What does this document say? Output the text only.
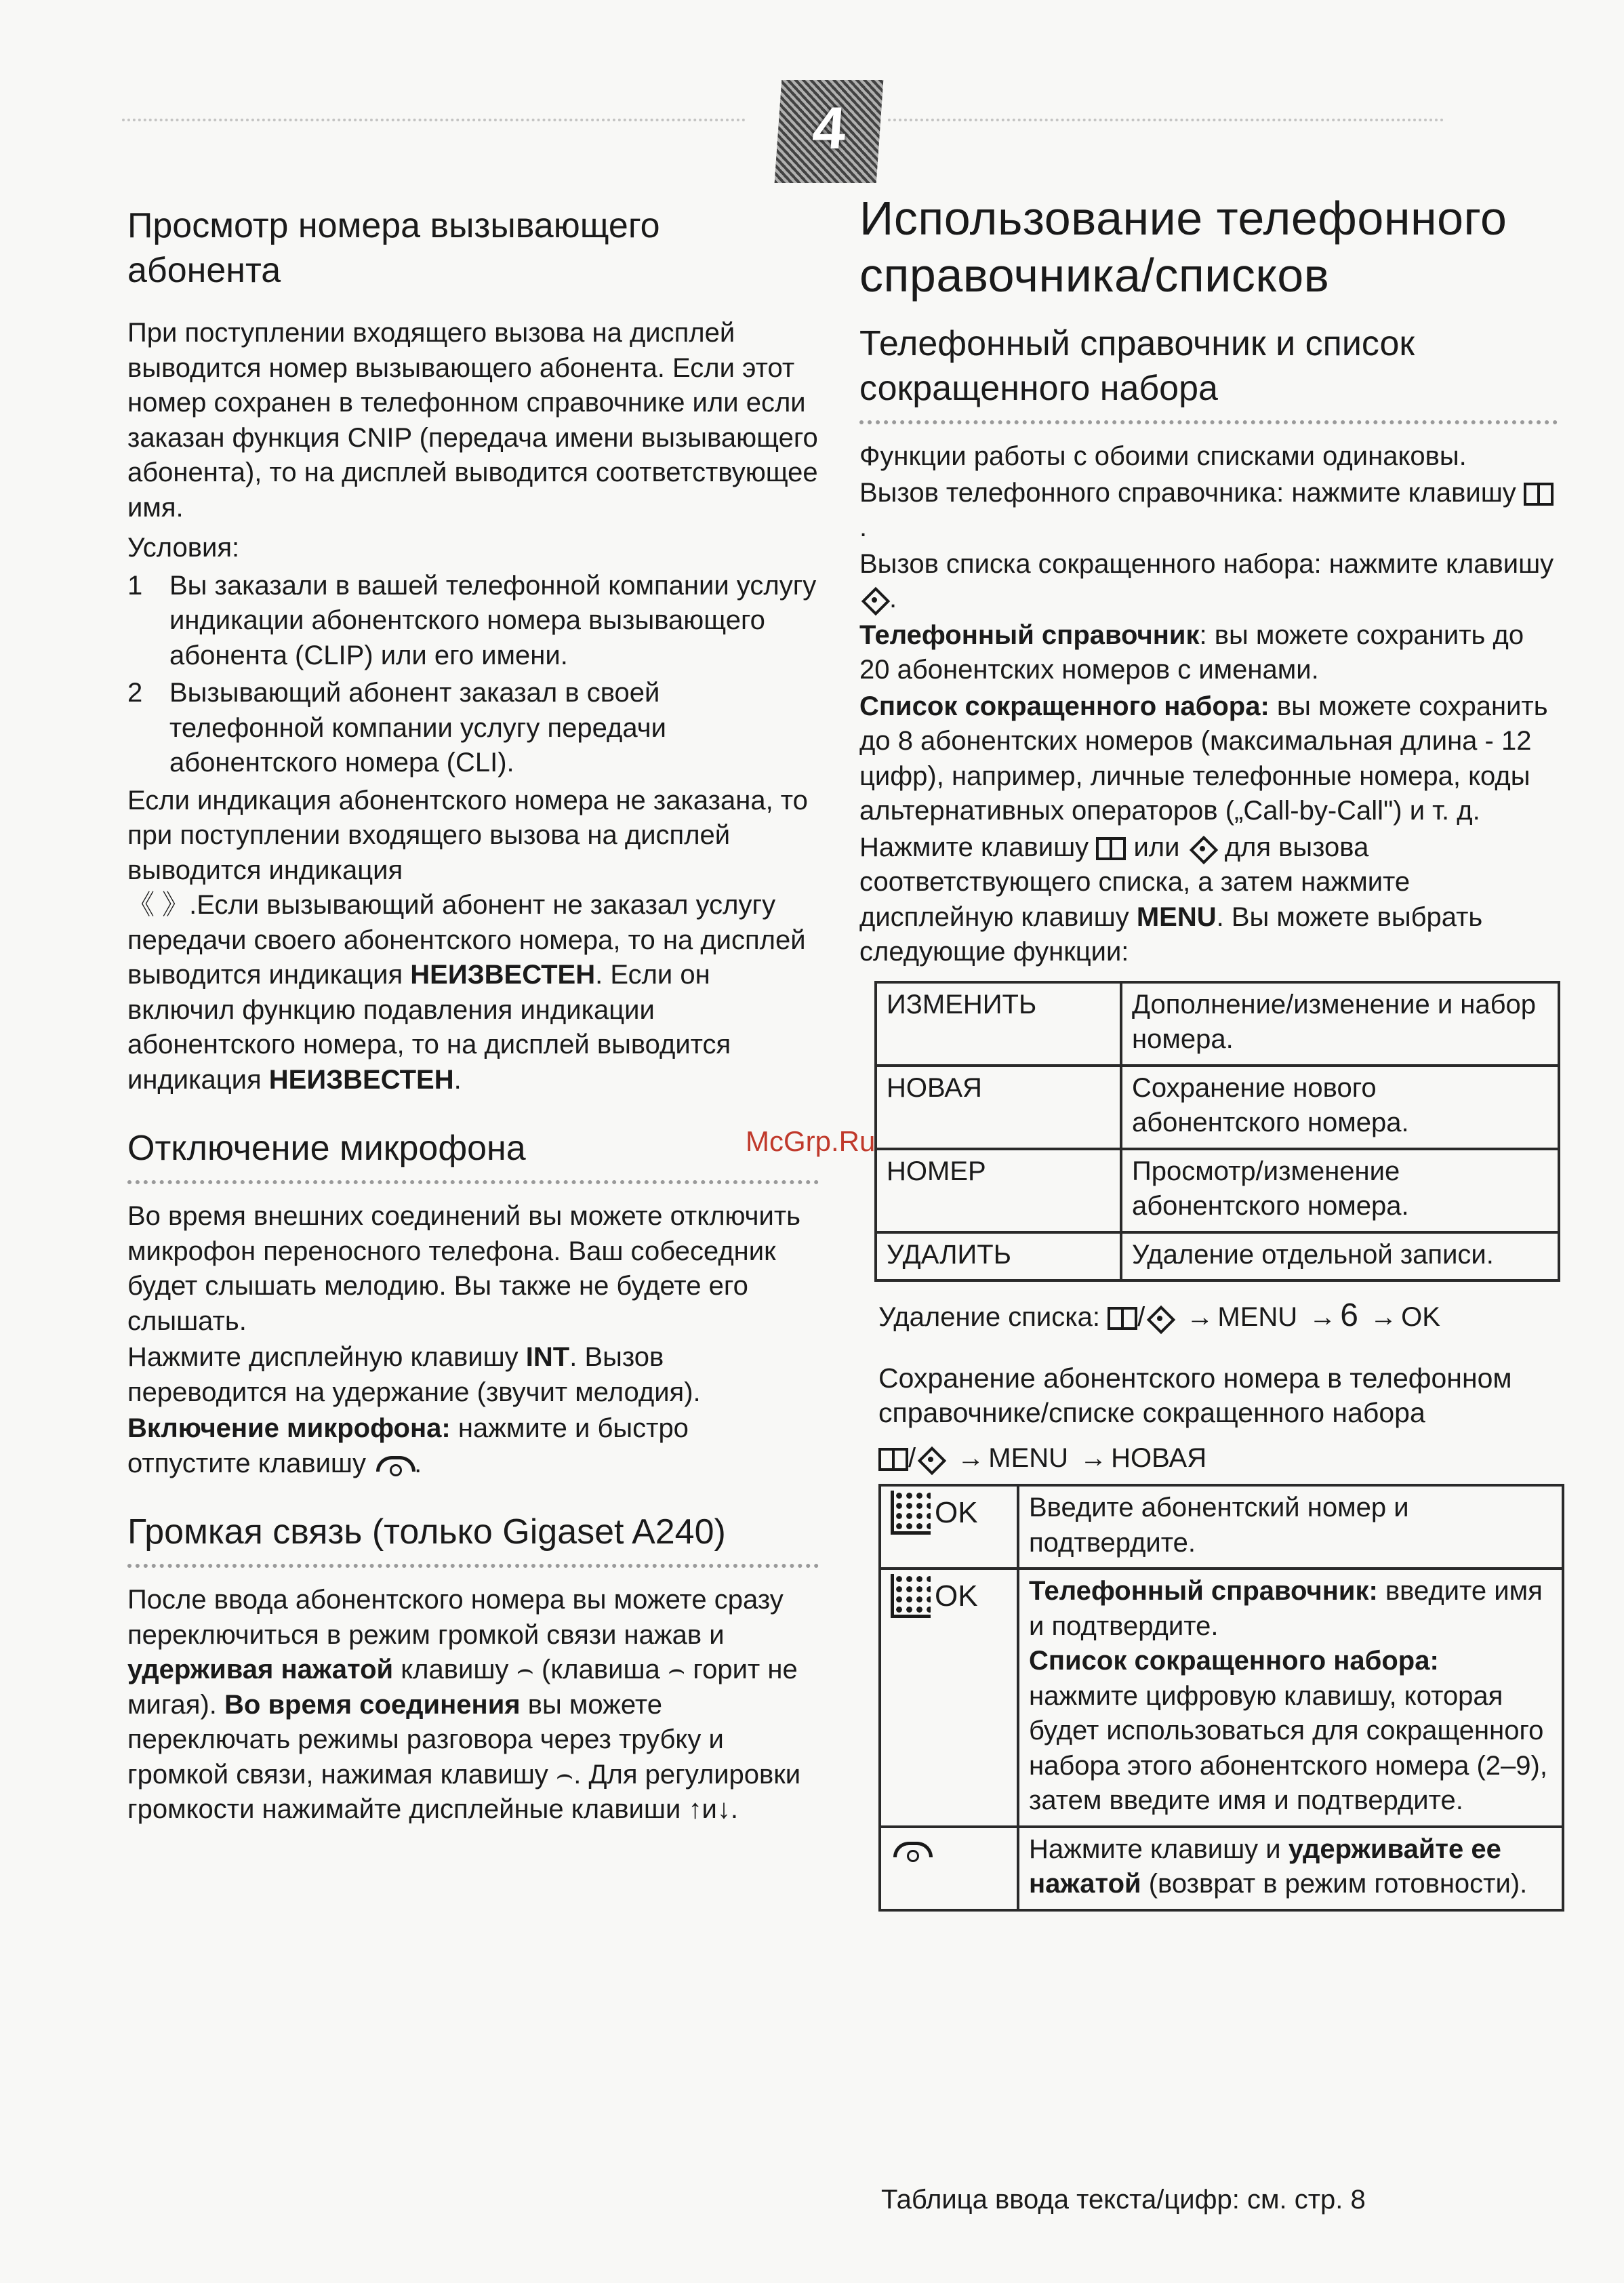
4
Просмотр номера вызывающего абонента

При поступлении входящего вызова на дисплей выводится номер вызывающего абонента. Если этот номер сохранен в телефонном справочнике или если заказан функция CNIP (передача имени вызывающего абонента), то на дисплей выводится соответствующее имя.

Условия:
1 Вы заказали в вашей телефонной компании услугу индикации абонентского номера вызывающего абонента (CLIP) или его имени.
2 Вызывающий абонент заказал в своей телефонной компании услугу передачи абонентского номера (CLI).

Если индикация абонентского номера не заказана, то при поступлении входящего вызова на дисплей выводится индикация
《 》.Если вызывающий абонент не заказал услугу передачи своего абонентского номера, то на дисплей выводится индикация НЕИЗВЕСТЕН. Если он включил функцию подавления индикации абонентского номера, то на дисплей выводится индикация НЕИЗВЕСТЕН.

Отключение микрофона

Во время внешних соединений вы можете отключить микрофон переносного телефона. Ваш собеседник будет слышать мелодию. Вы также не будете его слышать.

Нажмите дисплейную клавишу INT. Вызов переводится на удержание (звучит мелодия).

Включение микрофона: нажмите и быстро отпустите клавишу .

Громкая связь (только Gigaset A240)

После ввода абонентского номера вы можете сразу переключиться в режим громкой связи нажав и удерживая нажатой клавишу ⌢ (клавиша ⌢ горит не мигая). Во время соединения вы можете переключать режимы разговора через трубку и громкой связи, нажимая клавишу ⌢. Для регулировки громкости нажимайте дисплейные клавиши ↑и↓.

Использование телефонного справочника/списков
Телефонный справочник и список сокращенного набора

Функции работы с обоими списками одинаковы.

Вызов телефонного справочника: нажмите клавишу .

Вызов списка сокращенного набора: нажмите клавишу .

Телефонный справочник: вы можете сохранить до 20 абонентских номеров с именами.

Список сокращенного набора: вы можете сохранить до 8 абонентских номеров (максимальная длина - 12 цифр), например, личные телефонные номера, коды альтернативных операторов („Call-by-Call") и т. д.

Нажмите клавишу или  для вызова соответствующего списка, а затем нажмите дисплейную клавишу MENU. Вы можете выбрать следующие функции:

ИЗМЕНИТЬ	Дополнение/изменение и набор номера.
НОВАЯ	Сохранение нового абонентского номера.
НОМЕР	Просмотр/изменение абонентского номера.
УДАЛИТЬ	Удаление отдельной записи.
Удаление списка: / → MENU → 6 → OK
Сохранение абонентского номера в телефонном справочнике/списке сокращенного набора
/ → MENU → НОВАЯ
OK	Введите абонентский номер и подтвердите.
OK	Телефонный справочник: введите имя и подтвердите.
Список сокращенного набора: нажмите цифровую клавишу, которая будет использоваться для сокращенного набора этого абонентского номера (2–9), затем введите имя и подтвердите.
	Нажмите клавишу и удерживайте ее нажатой (возврат в режим готовности).
Таблица ввода текста/цифр: см. стр. 8
McGrp.Ru
